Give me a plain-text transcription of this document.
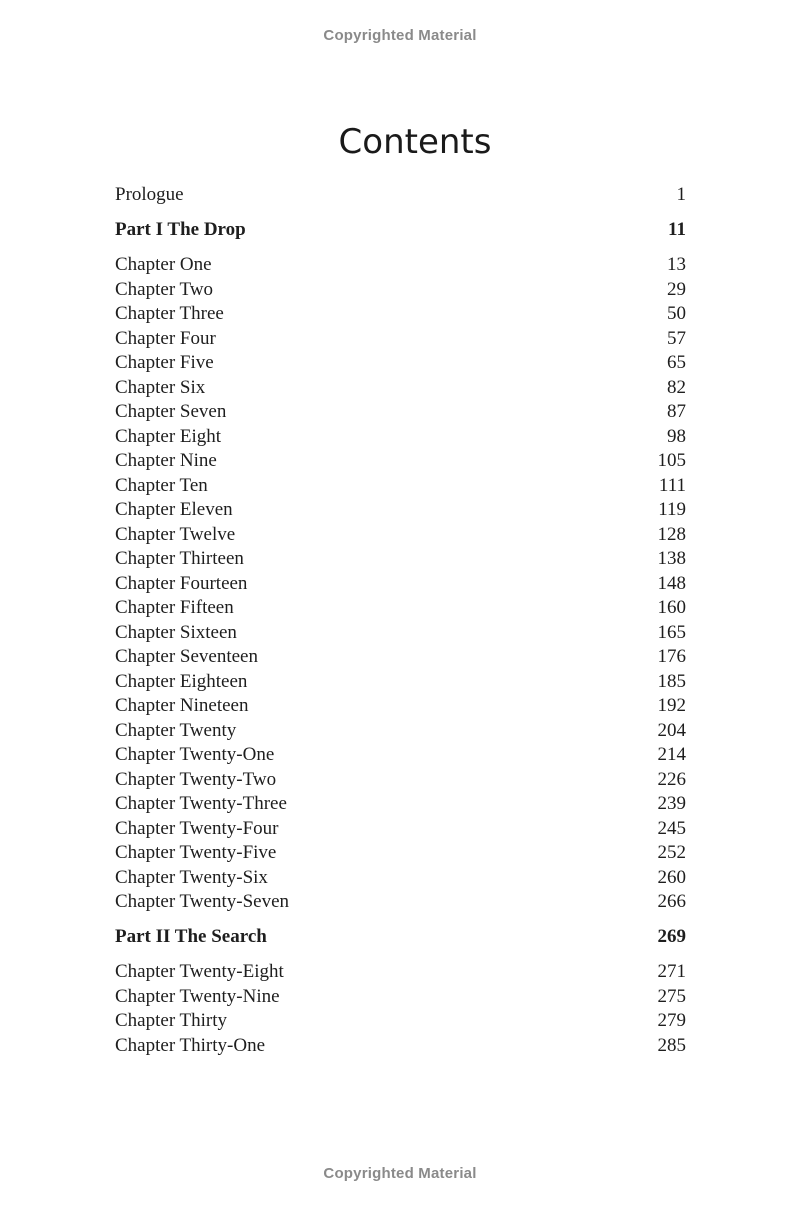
Copyrighted Material
Contents
Prologue	1
Part I The Drop	11
Chapter One	13
Chapter Two	29
Chapter Three	50
Chapter Four	57
Chapter Five	65
Chapter Six	82
Chapter Seven	87
Chapter Eight	98
Chapter Nine	105
Chapter Ten	111
Chapter Eleven	119
Chapter Twelve	128
Chapter Thirteen	138
Chapter Fourteen	148
Chapter Fifteen	160
Chapter Sixteen	165
Chapter Seventeen	176
Chapter Eighteen	185
Chapter Nineteen	192
Chapter Twenty	204
Chapter Twenty-One	214
Chapter Twenty-Two	226
Chapter Twenty-Three	239
Chapter Twenty-Four	245
Chapter Twenty-Five	252
Chapter Twenty-Six	260
Chapter Twenty-Seven	266
Part II The Search	269
Chapter Twenty-Eight	271
Chapter Twenty-Nine	275
Chapter Thirty	279
Chapter Thirty-One	285
Copyrighted Material
